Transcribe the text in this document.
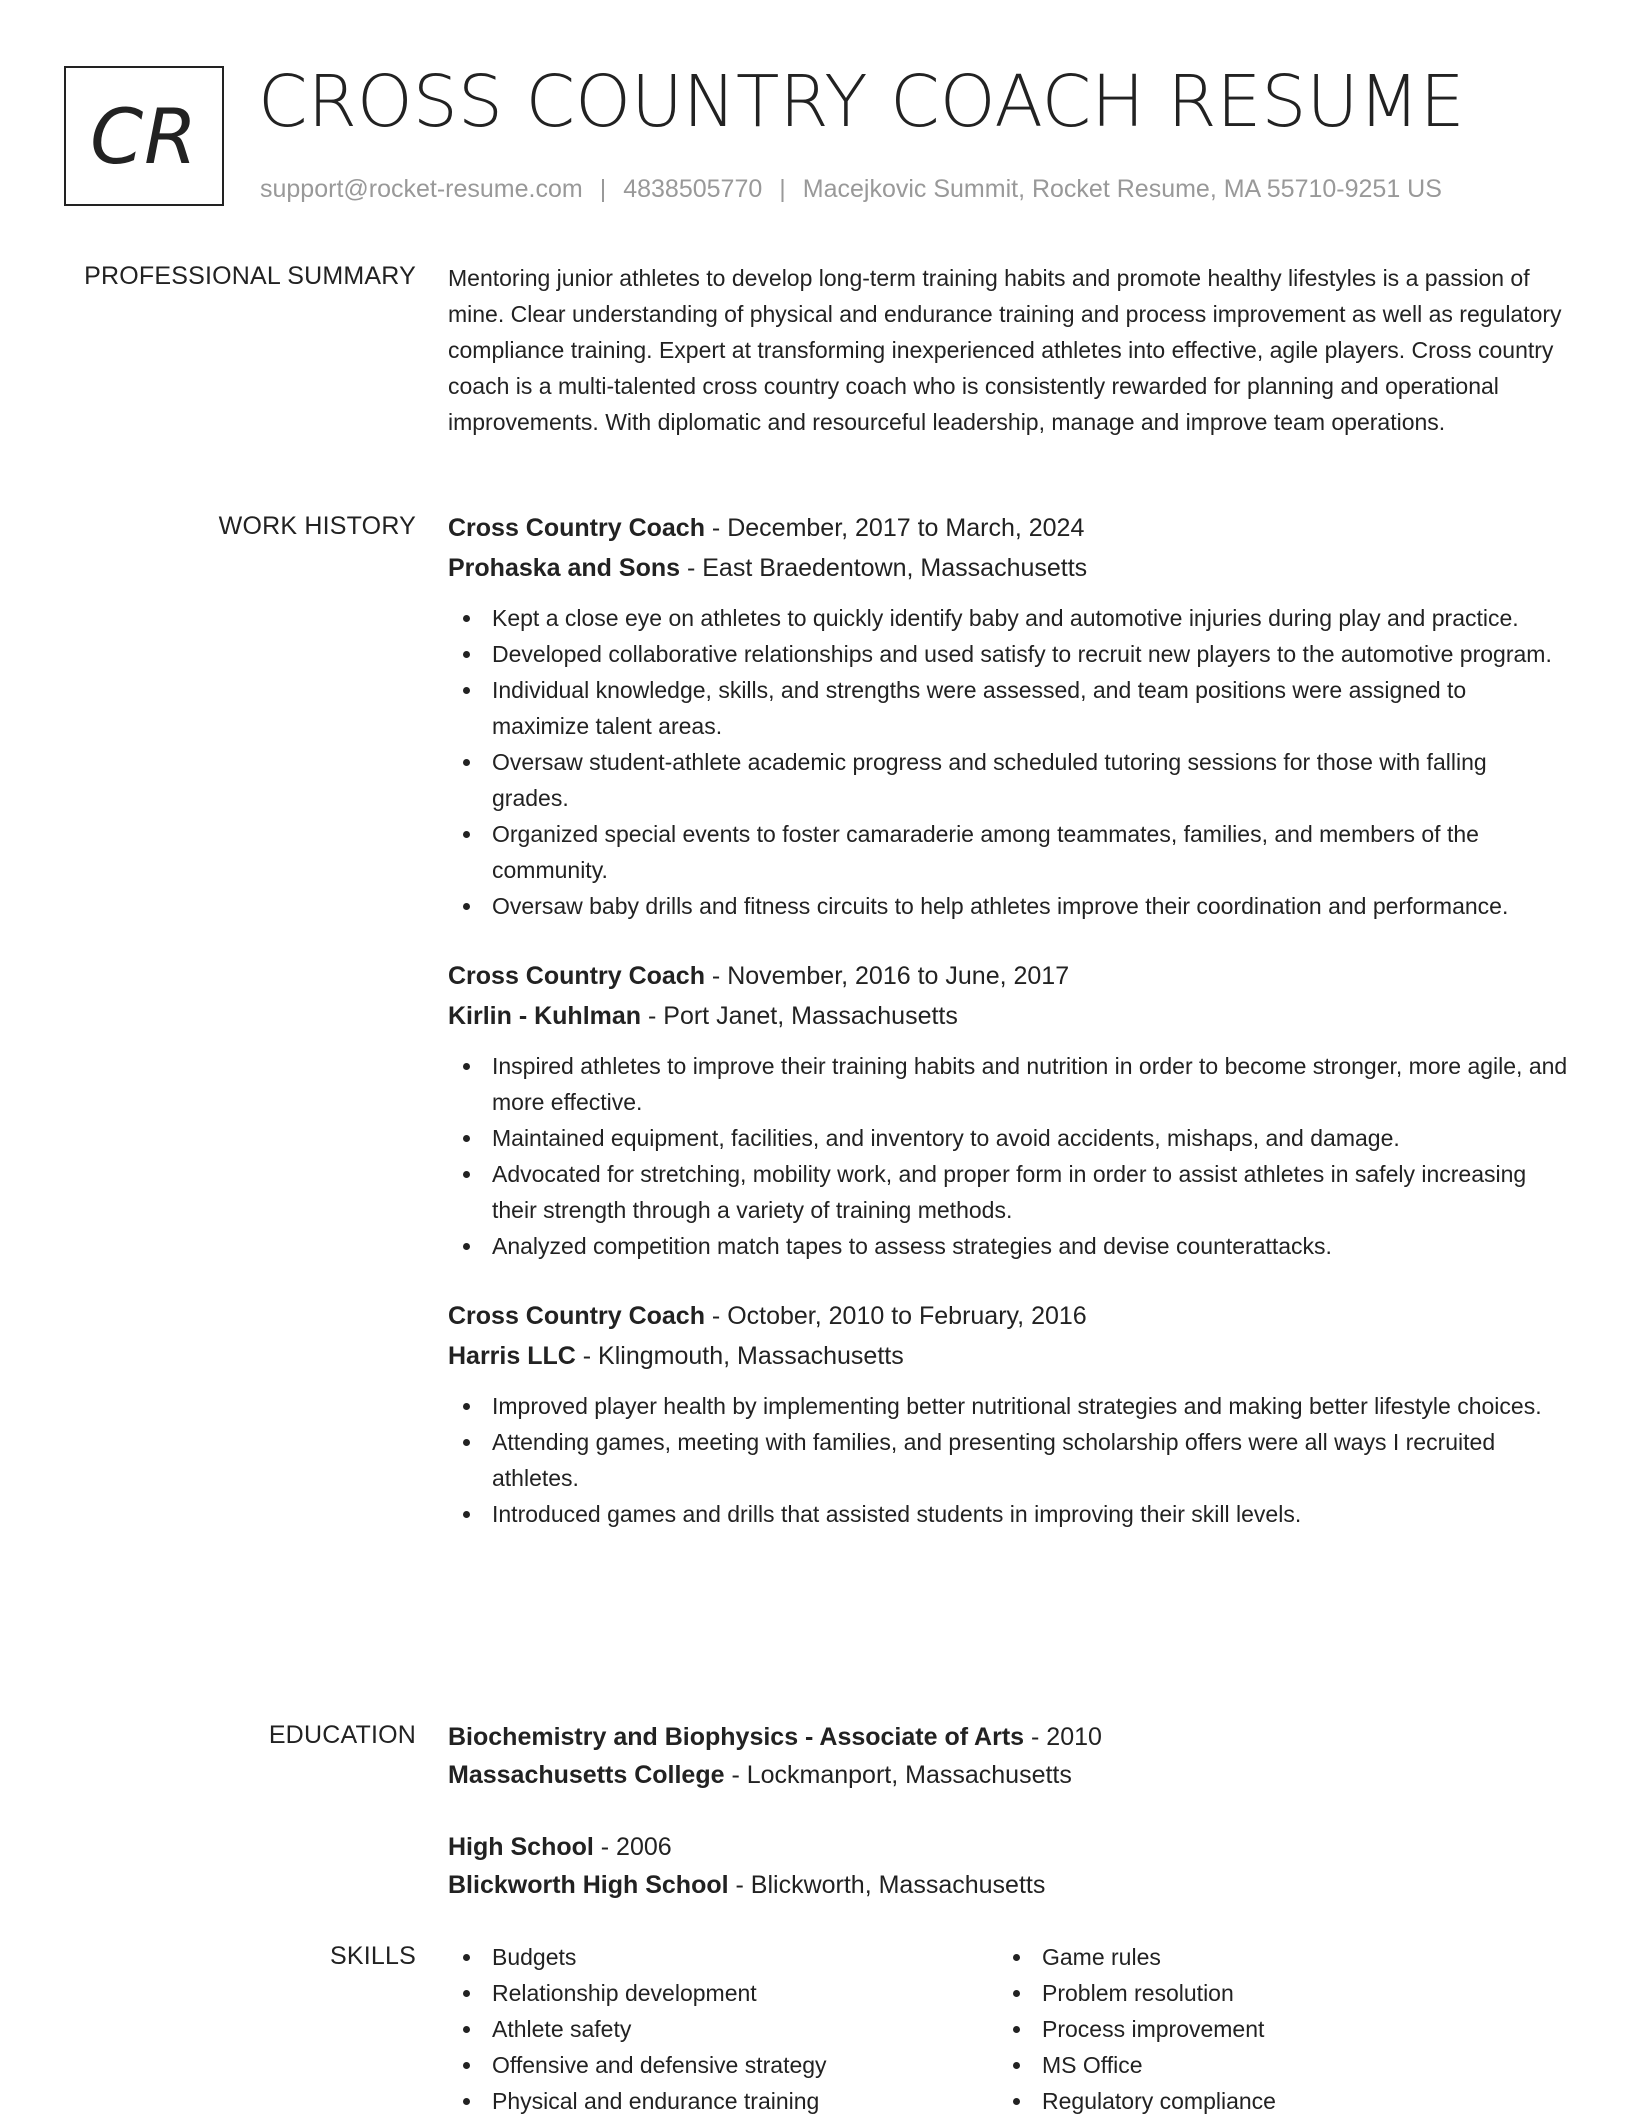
CR CROSS COUNTRY COACH RESUME
support@rocket-resume.com | 4838505770 | Macejkovic Summit, Rocket Resume, MA 55710-9251 US
PROFESSIONAL SUMMARY Mentoring junior athletes to develop long-term training habits and promote healthy lifestyles is a passion of mine. Clear understanding of physical and endurance training and process improvement as well as regulatory compliance training. Expert at transforming inexperienced athletes into effective, agile players. Cross country coach is a multi-talented cross country coach who is consistently rewarded for planning and operational improvements. With diplomatic and resourceful leadership, manage and improve team operations.

WORK HISTORY Cross Country Coach - December, 2017 to March, 2024
Prohaska and Sons - East Braedentown, Massachusetts
Kept a close eye on athletes to quickly identify baby and automotive injuries during play and practice.
Developed collaborative relationships and used satisfy to recruit new players to the automotive program.
Individual knowledge, skills, and strengths were assessed, and team positions were assigned to maximize talent areas.
Oversaw student-athlete academic progress and scheduled tutoring sessions for those with falling grades.
Organized special events to foster camaraderie among teammates, families, and members of the community.
Oversaw baby drills and fitness circuits to help athletes improve their coordination and performance.
Cross Country Coach - November, 2016 to June, 2017
Kirlin - Kuhlman - Port Janet, Massachusetts
Inspired athletes to improve their training habits and nutrition in order to become stronger, more agile, and more effective.
Maintained equipment, facilities, and inventory to avoid accidents, mishaps, and damage.
Advocated for stretching, mobility work, and proper form in order to assist athletes in safely increasing their strength through a variety of training methods.
Analyzed competition match tapes to assess strategies and devise counterattacks.
Cross Country Coach - October, 2010 to February, 2016
Harris LLC - Klingmouth, Massachusetts
Improved player health by implementing better nutritional strategies and making better lifestyle choices.
Attending games, meeting with families, and presenting scholarship offers were all ways I recruited athletes.
Introduced games and drills that assisted students in improving their skill levels.
EDUCATION Biochemistry and Biophysics - Associate of Arts - 2010
Massachusetts College - Lockmanport, Massachusetts
High School - 2006
Blickworth High School - Blickworth, Massachusetts
SKILLS	Budgets
Relationship development
Athlete safety
Offensive and defensive strategy
Physical and endurance training
Game rules
Problem resolution
Process improvement
MS Office
Regulatory compliance
